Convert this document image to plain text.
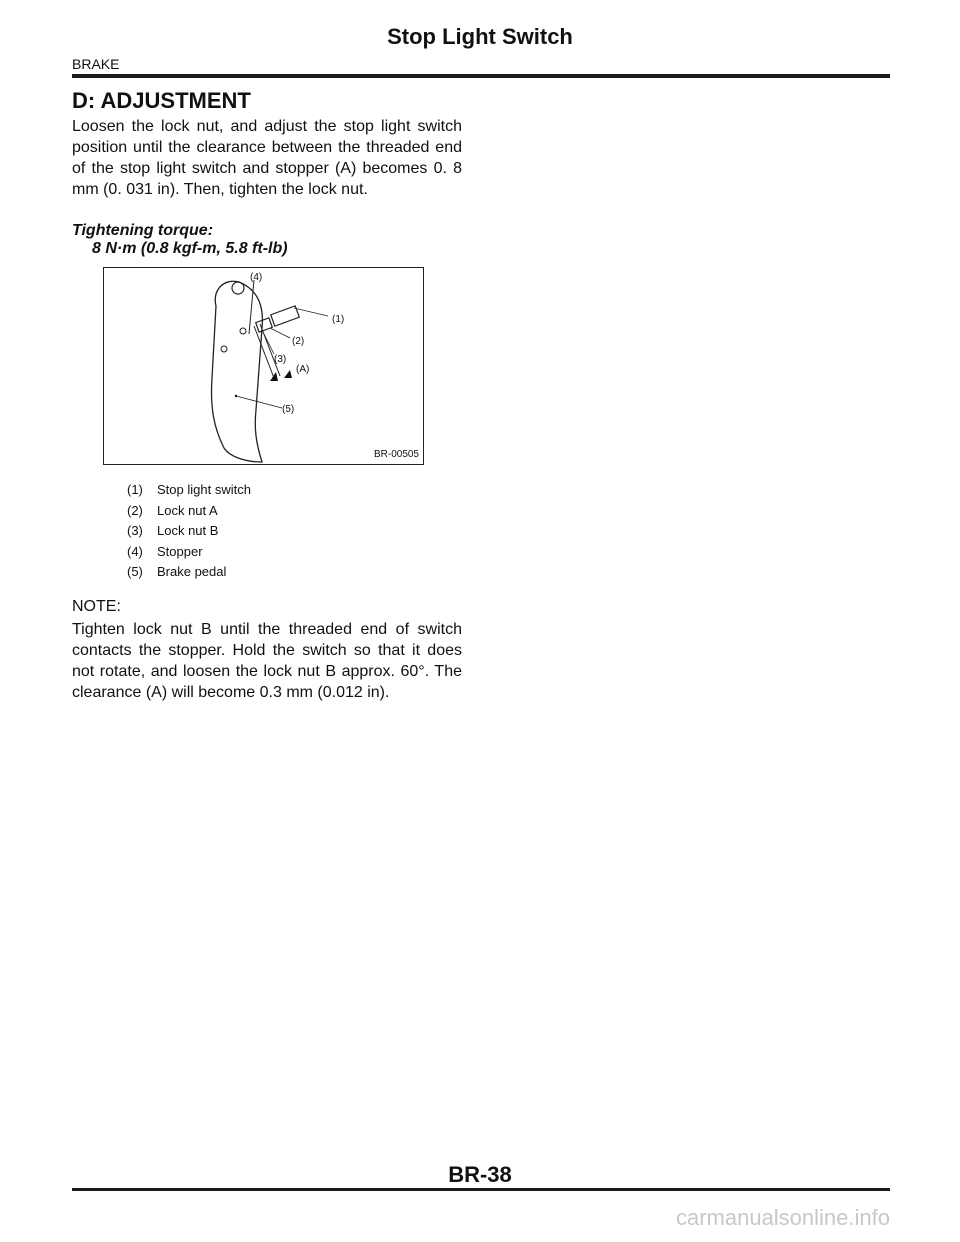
Stop Light Switch
BRAKE
D: ADJUSTMENT
Loosen the lock nut, and adjust the stop light switch position until the clearance between the threaded end of the stop light switch and stopper (A) becomes 0. 8 mm (0. 031 in). Then, tighten the lock nut.
Tightening torque:
8 N·m (0.8 kgf-m, 5.8 ft-lb)
(4)
(1)
(2)
(3)
(A)
(5)
BR-00505
(1)	Stop light switch
(2)	Lock nut A
(3)	Lock nut B
(4)	Stopper
(5)	Brake pedal
NOTE:
Tighten lock nut B until the threaded end of switch contacts the stopper. Hold the switch so that it does not rotate, and loosen the lock nut B approx. 60°. The clearance (A) will become 0.3 mm (0.012 in).
BR-38
carmanualsonline.info
